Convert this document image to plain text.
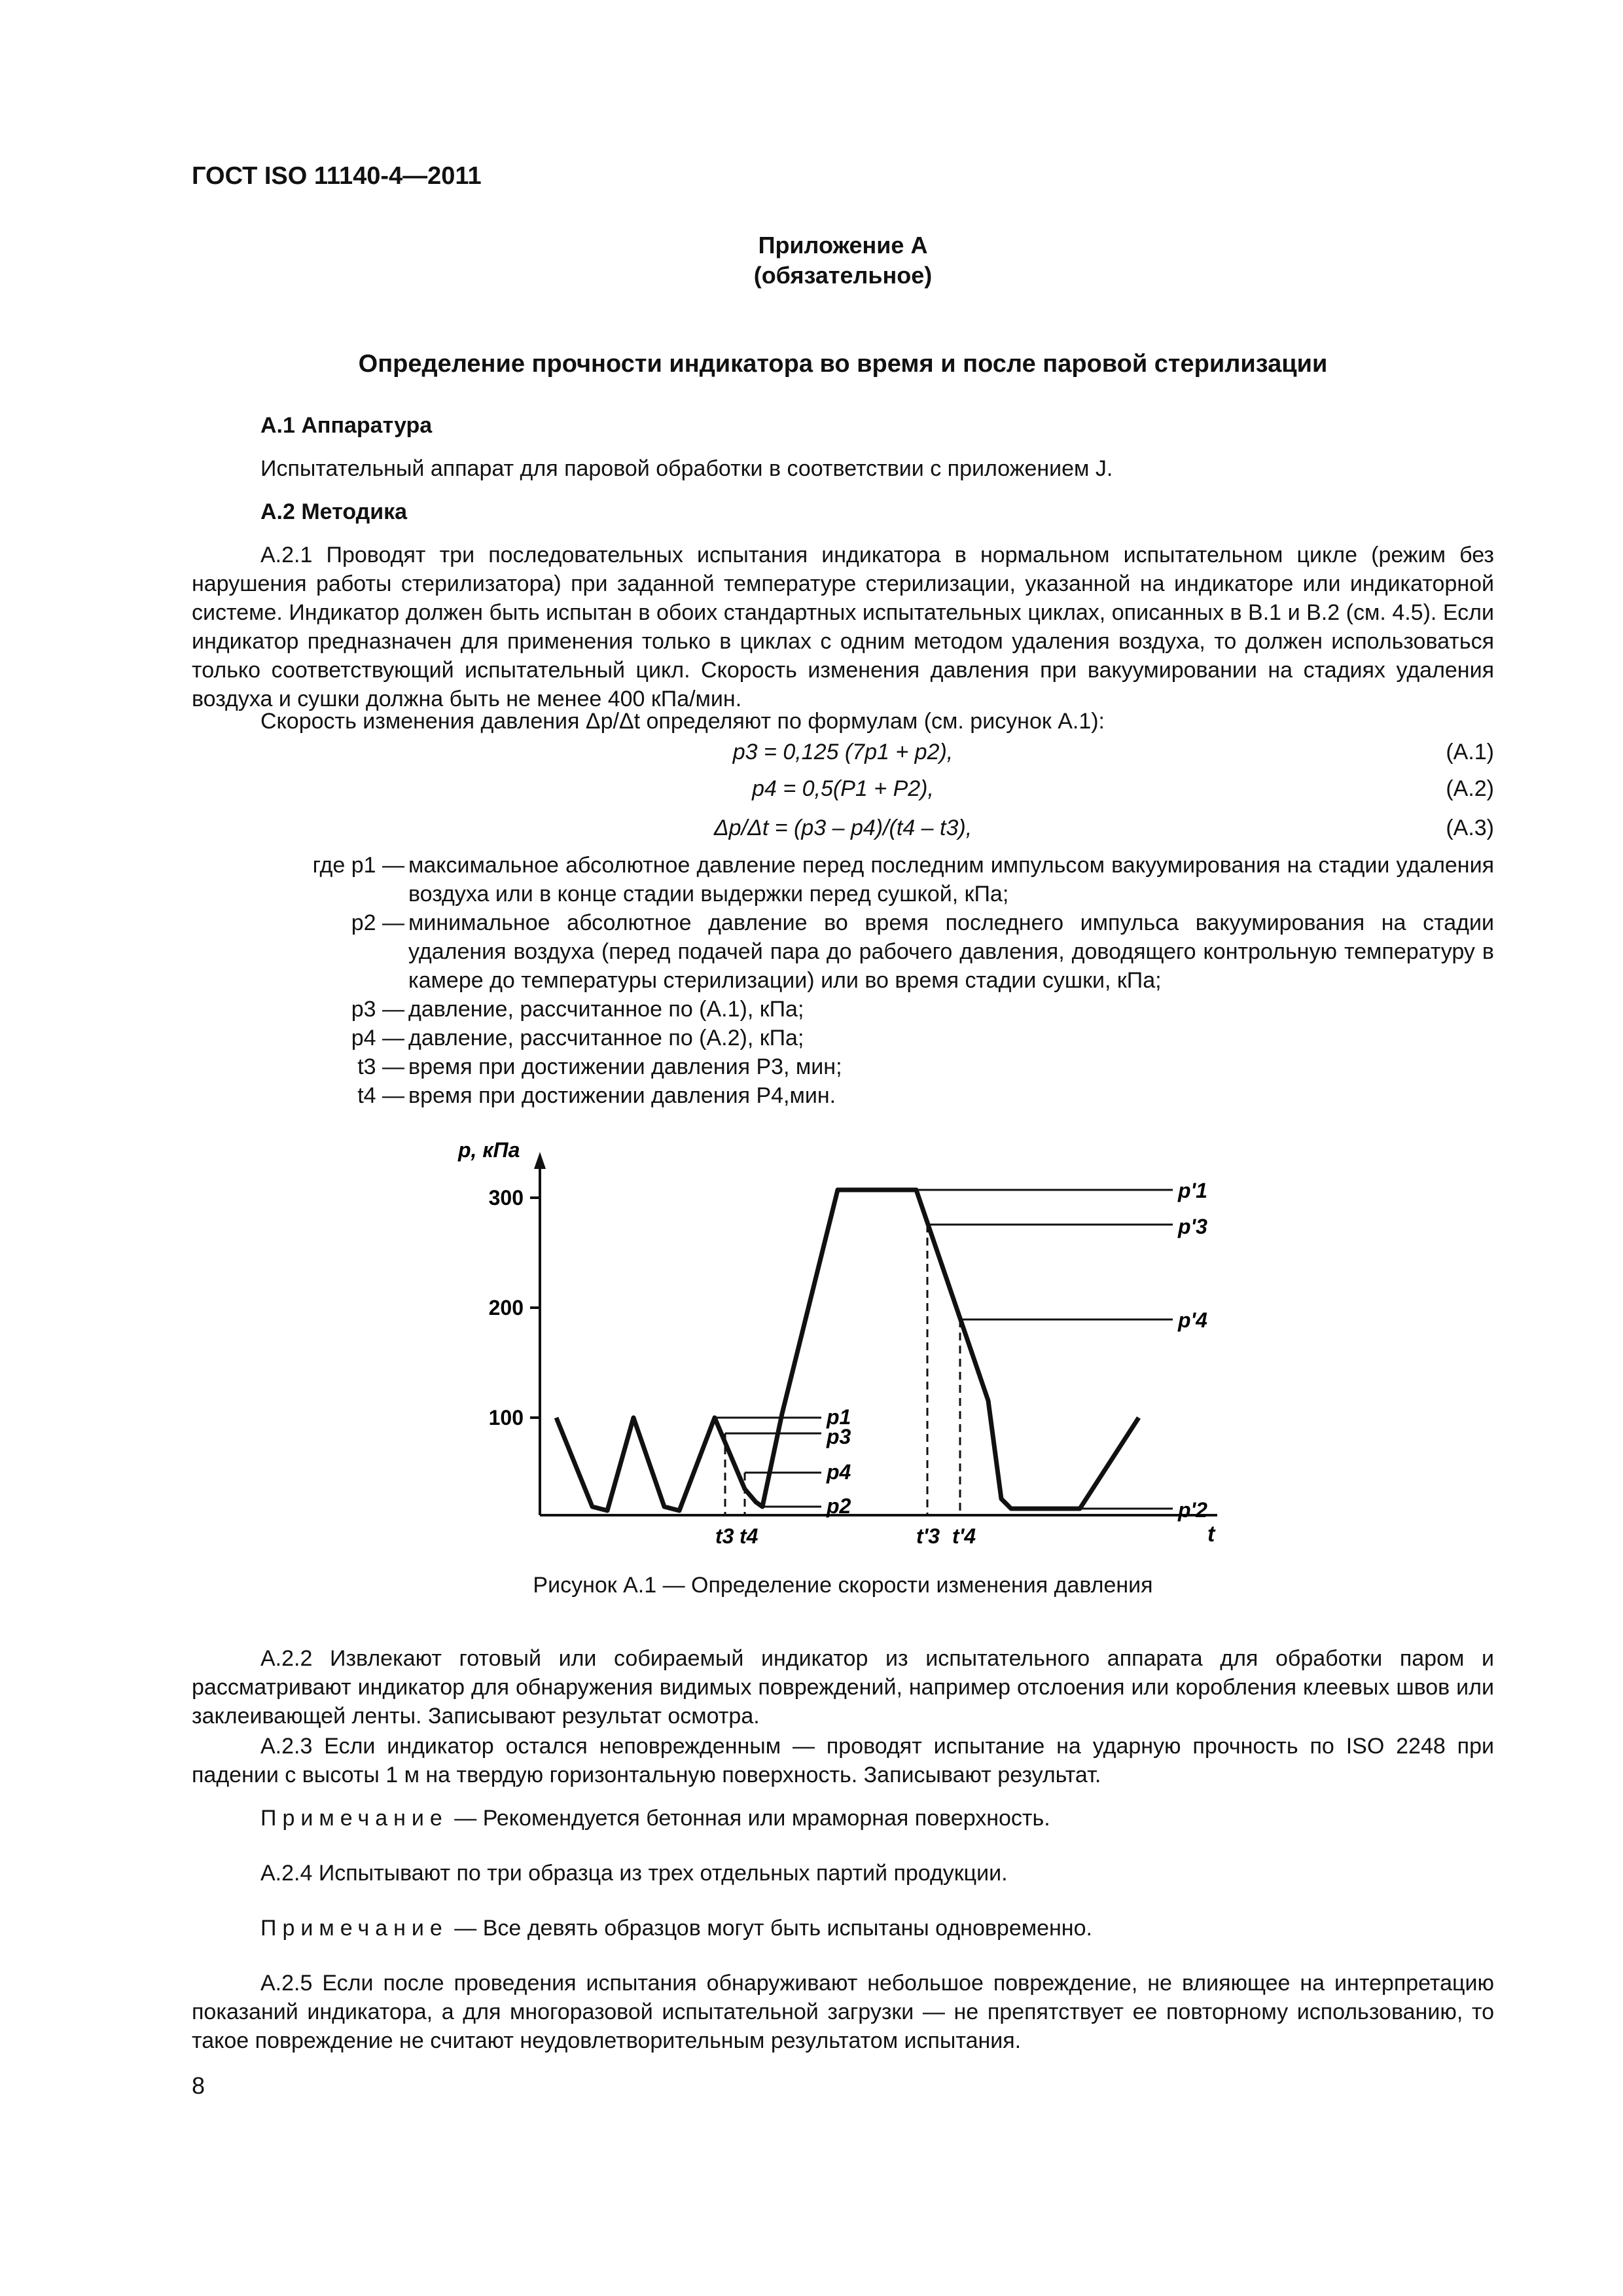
ГОСТ ISO 11140-4—2011
Приложение А
(обязательное)
Определение прочности индикатора во время и после паровой стерилизации
А.1 Аппаратура
Испытательный аппарат для паровой обработки в соответствии с приложением J.
А.2 Методика
А.2.1 Проводят три последовательных испытания индикатора в нормальном испытательном цикле (режим без нарушения работы стерилизатора) при заданной температуре стерилизации, указанной на индикаторе или индикаторной системе. Индикатор должен быть испытан в обоих стандартных испытательных циклах, описанных в В.1 и В.2 (см. 4.5). Если индикатор предназначен для применения только в циклах с одним методом удаления воздуха, то должен использоваться только соответствующий испытательный цикл. Скорость изменения давления при вакуумировании на стадиях удаления воздуха и сушки должна быть не менее 400 кПа/мин.
Скорость изменения давления Δp/Δt определяют по формулам (см. рисунок А.1):
p3 = 0,125 (7p1 + p2),	(А.1)
p4 = 0,5(P1 + P2),	(А.2)
Δp/Δt = (p3 – p4)/(t4 – t3),	(А.3)
где p1 — максимальное абсолютное давление перед последним импульсом вакуумирования на стадии удаления воздуха или в конце стадии выдержки перед сушкой, кПа;
p2 — минимальное абсолютное давление во время последнего импульса вакуумирования на стадии удаления воздуха (перед подачей пара до рабочего давления, доводящего контрольную температуру в камере до температуры стерилизации) или во время стадии сушки, кПа;
p3 — давление, рассчитанное по (А.1), кПа;
p4 — давление, рассчитанное по (А.2), кПа;
t3 — время при достижении давления P3, мин;
t4 — время при достижении давления P4,мин.
p, кПа
t
300
200
100
p'1
p'3
p'4
p'2
p1
p3
p4
p2
t3 t4	t'3 t'4
Рисунок А.1 — Определение скорости изменения давления
А.2.2 Извлекают готовый или собираемый индикатор из испытательного аппарата для обработки паром и рассматривают индикатор для обнаружения видимых повреждений, например отслоения или коробления клеевых швов или заклеивающей ленты. Записывают результат осмотра.
А.2.3 Если индикатор остался неповрежденным — проводят испытание на ударную прочность по ISO 2248 при падении с высоты 1 м на твердую горизонтальную поверхность. Записывают результат.
Примечание — Рекомендуется бетонная или мраморная поверхность.
А.2.4 Испытывают по три образца из трех отдельных партий продукции.
Примечание — Все девять образцов могут быть испытаны одновременно.
А.2.5 Если после проведения испытания обнаруживают небольшое повреждение, не влияющее на интерпретацию показаний индикатора, а для многоразовой испытательной загрузки — не препятствует ее повторному использованию, то такое повреждение не считают неудовлетворительным результатом испытания.
8
